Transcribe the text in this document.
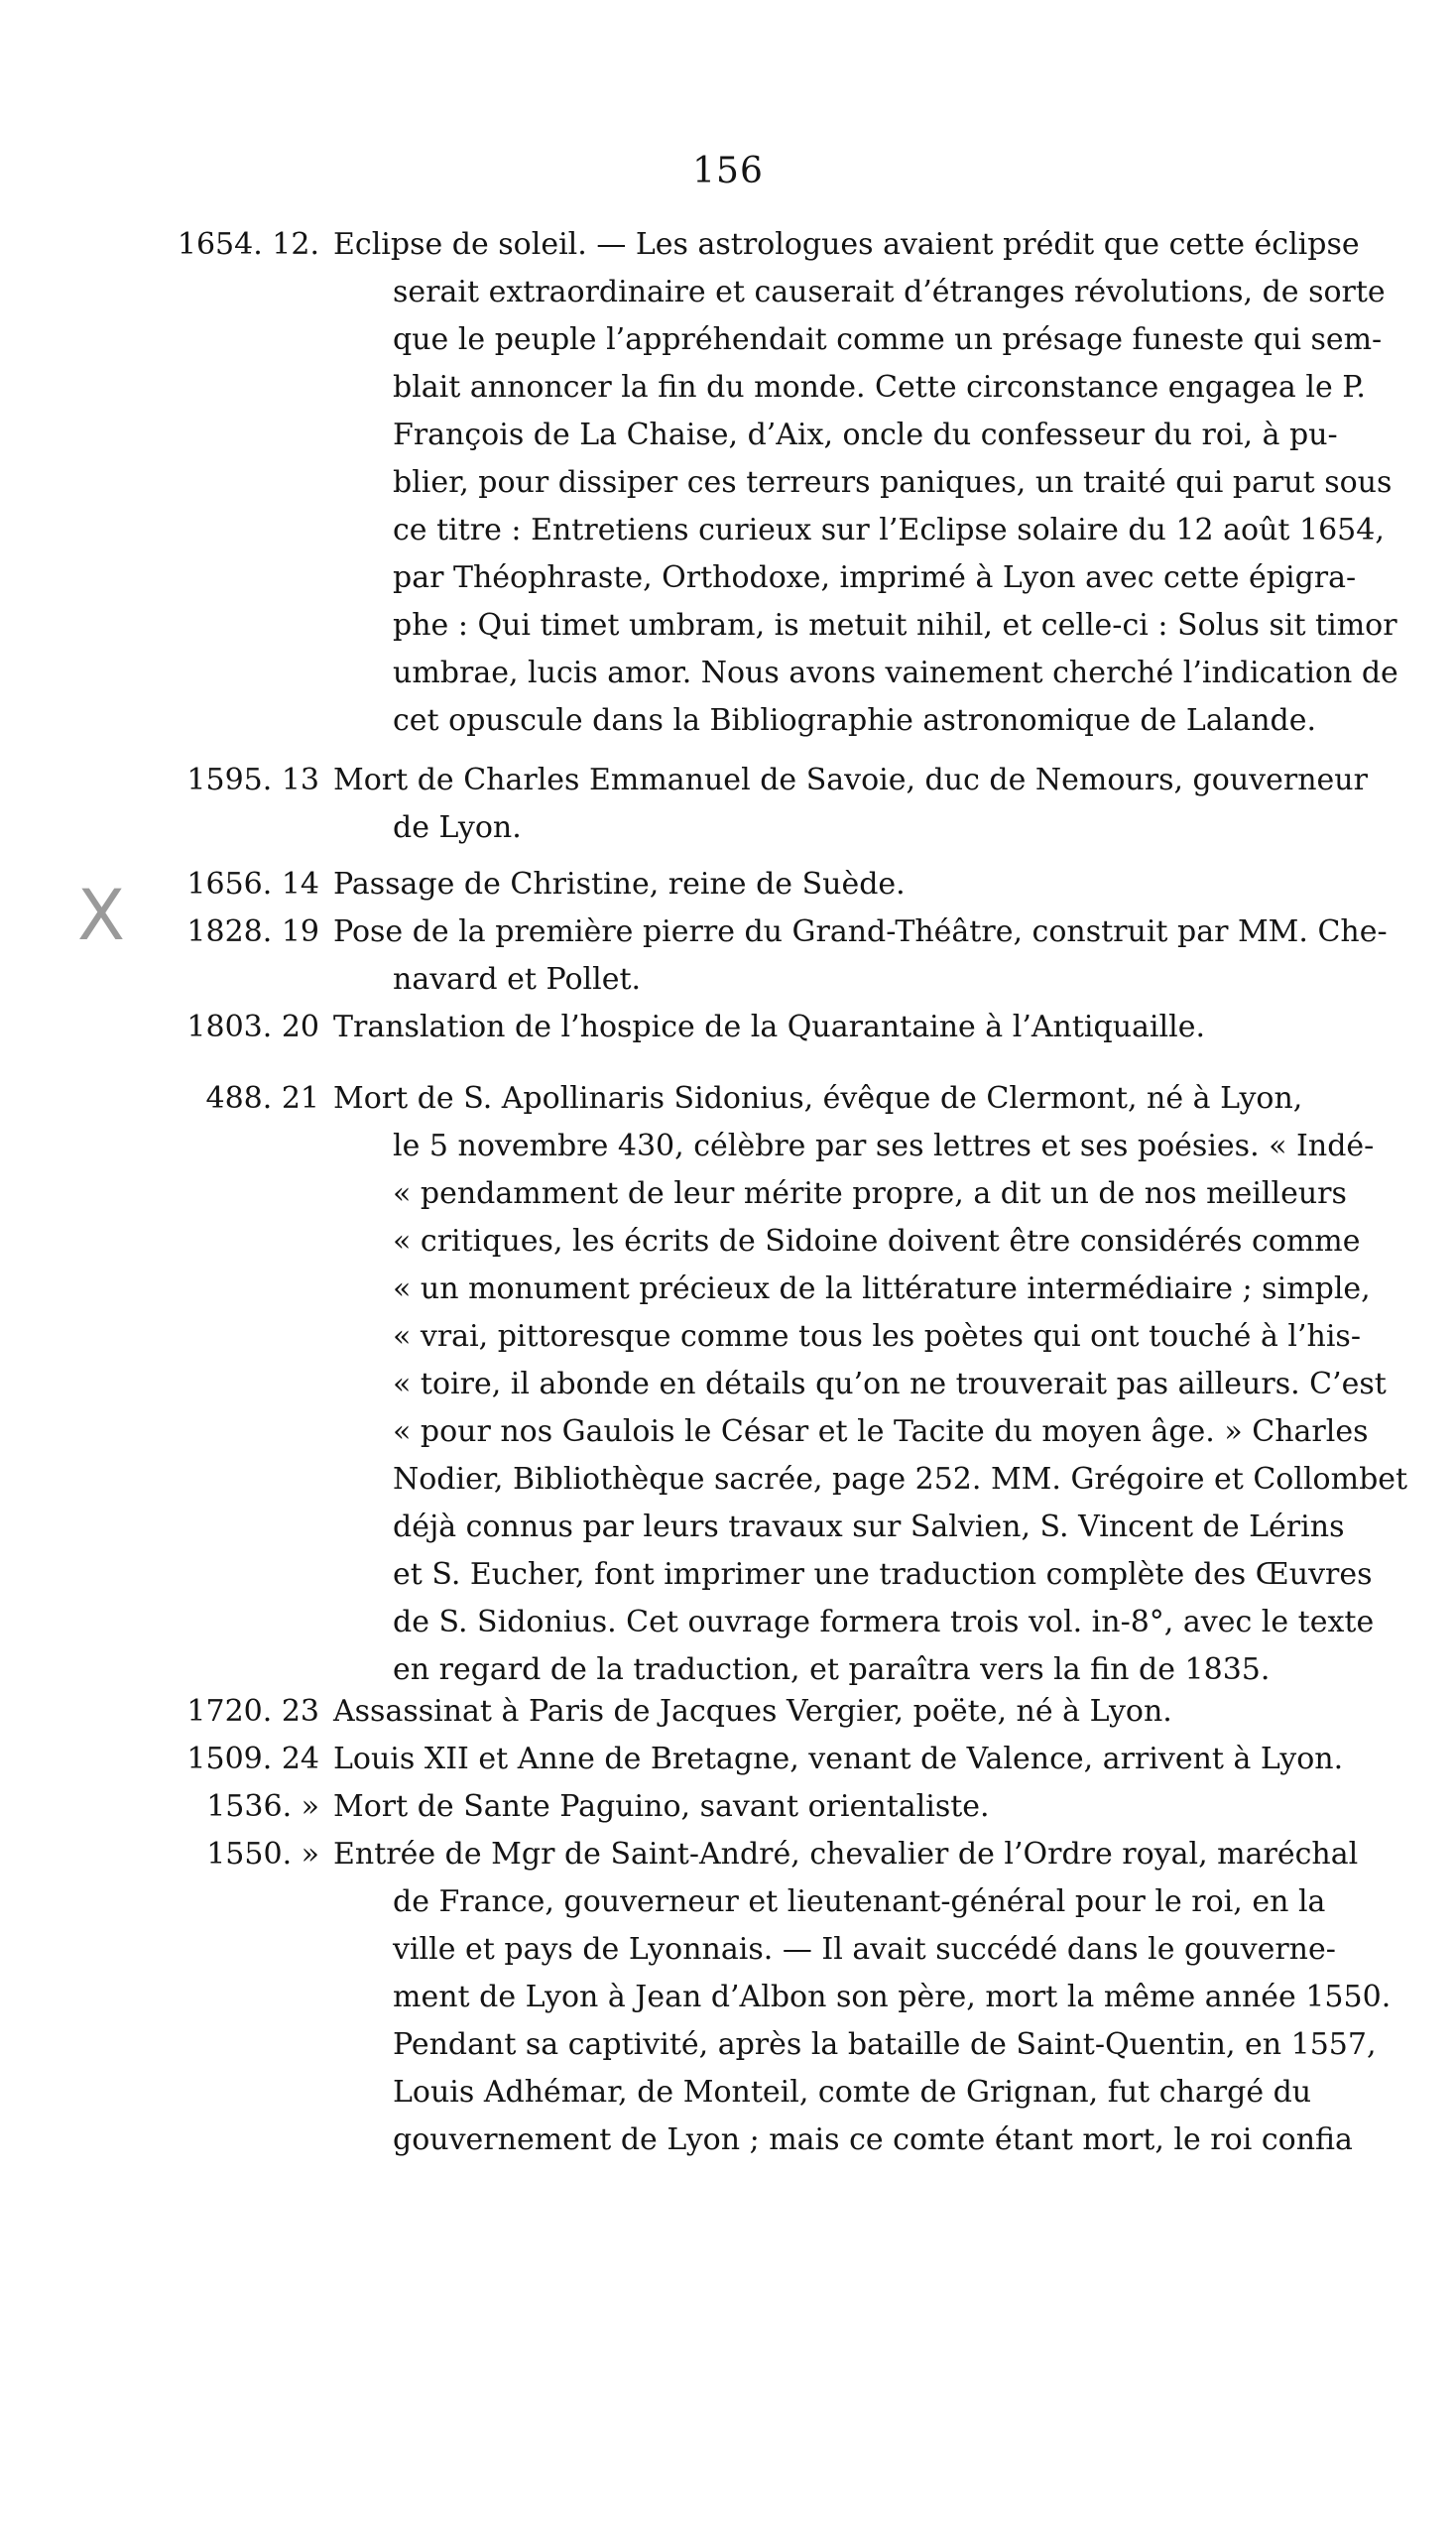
156
X
1654. 12. Eclipse de soleil. — Les astrologues avaient prédit que cette éclipse
serait extraordinaire et causerait d’étranges révolutions, de sorte
que le peuple l’appréhendait comme un présage funeste qui sem-
blait annoncer la fin du monde. Cette circonstance engagea le P.
François de La Chaise, d’Aix, oncle du confesseur du roi, à pu-
blier, pour dissiper ces terreurs paniques, un traité qui parut sous
ce titre : Entretiens curieux sur l’Eclipse solaire du 12 août 1654,
par Théophraste, Orthodoxe, imprimé à Lyon avec cette épigra-
phe : Qui timet umbram, is metuit nihil, et celle-ci : Solus sit timor
umbrae, lucis amor. Nous avons vainement cherché l’indication de
cet opuscule dans la Bibliographie astronomique de Lalande.
1595. 13 Mort de Charles Emmanuel de Savoie, duc de Nemours, gouverneur
de Lyon.
1656. 14 Passage de Christine, reine de Suède.
1828. 19 Pose de la première pierre du Grand-Théâtre, construit par MM. Che-
navard et Pollet.
1803. 20 Translation de l’hospice de la Quarantaine à l’Antiquaille.
488. 21 Mort de S. Apollinaris Sidonius, évêque de Clermont, né à Lyon,
le 5 novembre 430, célèbre par ses lettres et ses poésies. « Indé-
« pendamment de leur mérite propre, a dit un de nos meilleurs
« critiques, les écrits de Sidoine doivent être considérés comme
« un monument précieux de la littérature intermédiaire ; simple,
« vrai, pittoresque comme tous les poètes qui ont touché à l’his-
« toire, il abonde en détails qu’on ne trouverait pas ailleurs. C’est
« pour nos Gaulois le César et le Tacite du moyen âge. » Charles
Nodier, Bibliothèque sacrée, page 252. MM. Grégoire et Collombet
déjà connus par leurs travaux sur Salvien, S. Vincent de Lérins
et S. Eucher, font imprimer une traduction complète des Œuvres
de S. Sidonius. Cet ouvrage formera trois vol. in-8°, avec le texte
en regard de la traduction, et paraîtra vers la fin de 1835.
1720. 23 Assassinat à Paris de Jacques Vergier, poëte, né à Lyon.
1509. 24 Louis XII et Anne de Bretagne, venant de Valence, arrivent à Lyon.
1536. » Mort de Sante Paguino, savant orientaliste.
1550. » Entrée de Mgr de Saint-André, chevalier de l’Ordre royal, maréchal
de France, gouverneur et lieutenant-général pour le roi, en la
ville et pays de Lyonnais. — Il avait succédé dans le gouverne-
ment de Lyon à Jean d’Albon son père, mort la même année 1550.
Pendant sa captivité, après la bataille de Saint-Quentin, en 1557,
Louis Adhémar, de Monteil, comte de Grignan, fut chargé du
gouvernement de Lyon ; mais ce comte étant mort, le roi confia
